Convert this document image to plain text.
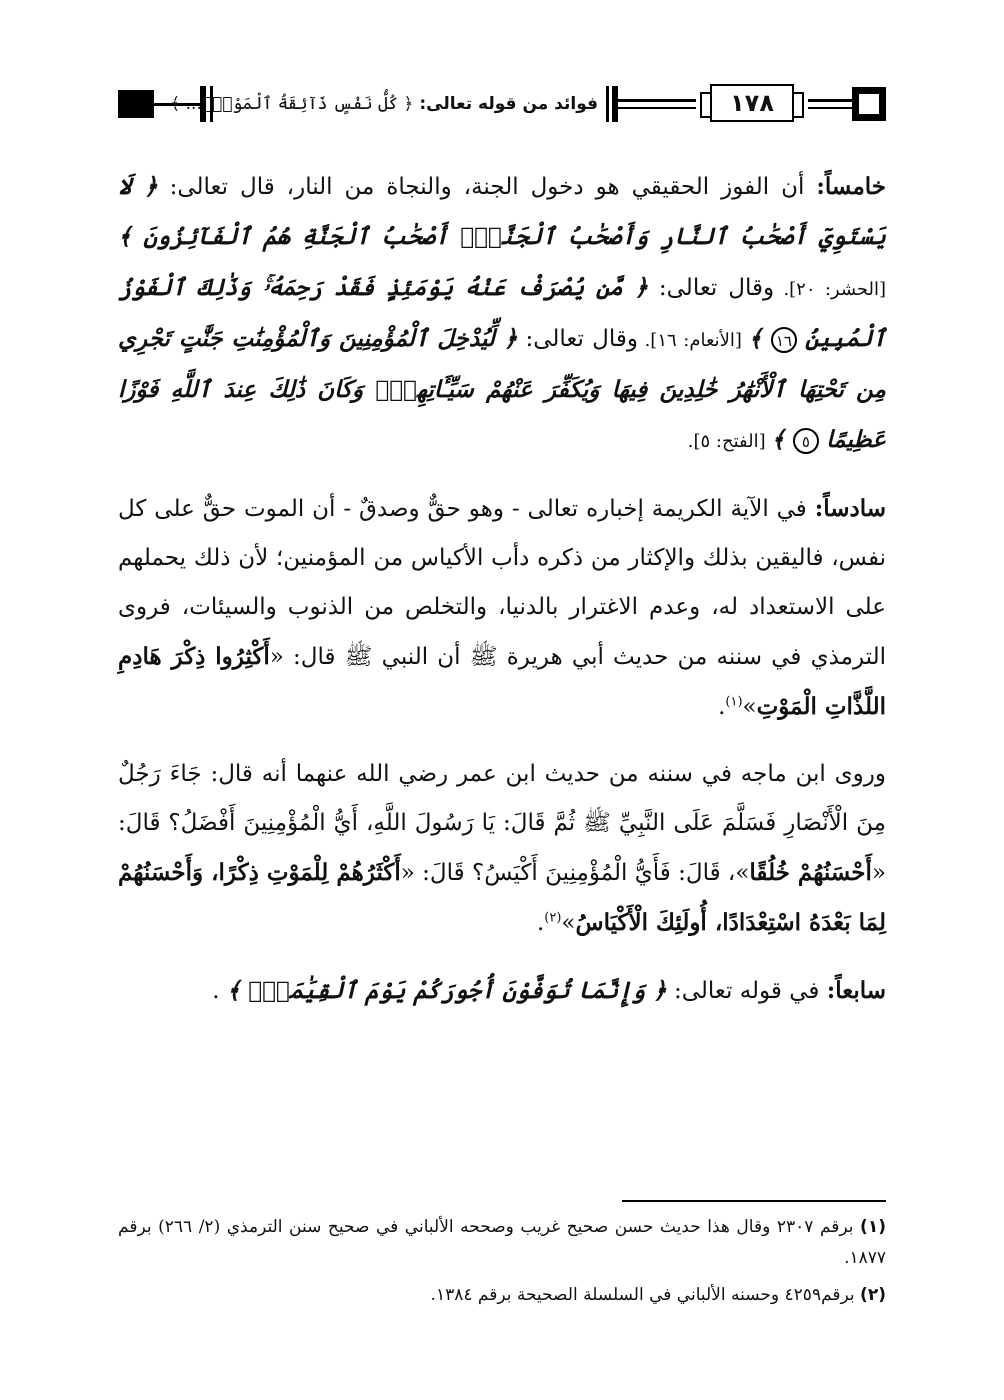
فوائد من قوله تعالى: ﴿ كُلُّ نَفْسٍ ذَآئِقَةُ ٱلْمَوْتِۗ... ﴾	١٧٨

خامساً: أن الفوز الحقيقي هو دخول الجنة، والنجاة من النار، قال تعالى: ﴿ لَا يَسْتَوِيٓ أَصْحَٰبُ ٱلنَّارِ وَأَصْحَٰبُ ٱلْجَنَّةِۚ أَصْحَٰبُ ٱلْجَنَّةِ هُمُ ٱلْفَآئِزُونَ ﴾ [الحشر: ٢٠]. وقال تعالى: ﴿ مَّن يُصْرَفْ عَنْهُ يَوْمَئِذٍ فَقَدْ رَحِمَهُۥۚ وَذَٰلِكَ ٱلْفَوْزُ ٱلْمُبِينُ ١٦ ﴾ [الأنعام: ١٦]. وقال تعالى: ﴿ لِّيُدْخِلَ ٱلْمُؤْمِنِينَ وَٱلْمُؤْمِنَٰتِ جَنَّٰتٍ تَجْرِي مِن تَحْتِهَا ٱلْأَنْهَٰرُ خَٰلِدِينَ فِيهَا وَيُكَفِّرَ عَنْهُمْ سَيِّـَٔاتِهِمْۚ وَكَانَ ذَٰلِكَ عِندَ ٱللَّهِ فَوْزًا عَظِيمًا ٥ ﴾ [الفتح: ٥].

سادساً: في الآية الكريمة إخباره تعالى - وهو حقٌّ وصدقٌ - أن الموت حقٌّ على كل نفس، فاليقين بذلك والإكثار من ذكره دأب الأكياس من المؤمنين؛ لأن ذلك يحملهم على الاستعداد له، وعدم الاغترار بالدنيا، والتخلص من الذنوب والسيئات، فروى الترمذي في سننه من حديث أبي هريرة ﷺ أن النبي ﷺ قال: «أَكْثِرُوا ذِكْرَ هَادِمِ اللَّذَّاتِ الْمَوْتِ»$^{(١)}$.

وروى ابن ماجه في سننه من حديث ابن عمر رضي الله عنهما أنه قال: جَاءَ رَجُلٌ مِنَ الْأَنْصَارِ فَسَلَّمَ عَلَى النَّبِيِّ ﷺ ثُمَّ قَالَ: يَا رَسُولَ اللَّهِ، أَيُّ الْمُؤْمِنِينَ أَفْضَلُ؟ قَالَ: «أَحْسَنُهُمْ خُلُقًا»، قَالَ: فَأَيُّ الْمُؤْمِنِينَ أَكْيَسُ؟ قَالَ: «أَكْثَرُهُمْ لِلْمَوْتِ ذِكْرًا، وَأَحْسَنُهُمْ لِمَا بَعْدَهُ اسْتِعْدَادًا، أُولَئِكَ الْأَكْيَاسُ»$^{(٢)}$.

سابعاً: في قوله تعالى: ﴿ وَإِنَّمَا تُوَفَّوْنَ أُجُورَكُمْ يَوْمَ ٱلْقِيَٰمَةِۖ ﴾ .

(١) برقم ٢٣٠٧ وقال هذا حديث حسن صحيح غريب وصححه الألباني في صحيح سنن الترمذي (٢/ ٢٦٦) برقم ١٨٧٧.
(٢) برقم٤٢٥٩ وحسنه الألباني في السلسلة الصحيحة برقم ١٣٨٤.
